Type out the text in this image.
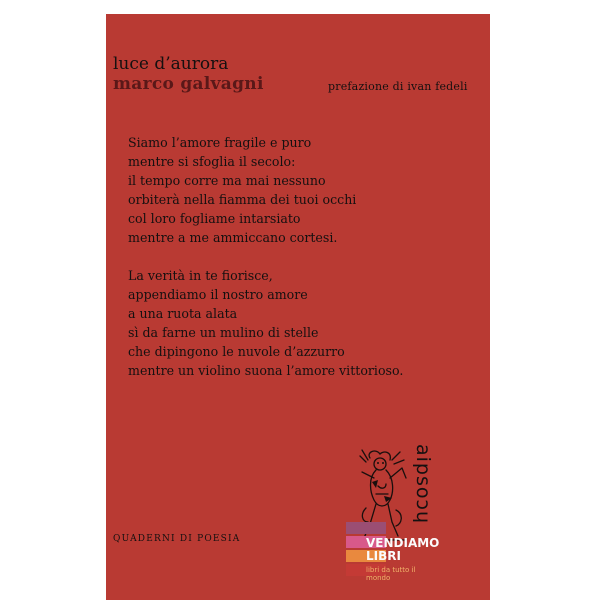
luce d’aurora
marco galvagni	prefazione di ivan fedeli
Siamo l’amore fragile e puro
mentre si sfoglia il secolo:
il tempo corre ma mai nessuno
orbiterà nella fiamma dei tuoi occhi
col loro fogliame intarsiato
mentre a me ammiccano cortesi.
La verità in te fiorisce,
appendiamo il nostro amore
a una ruota alata
sì da farne un mulino di stelle
che dipingono le nuvole d’azzurro
mentre un violino suona l’amore vittorioso.
QUADERNI DI POESIA
aipsoɔɥ
VENDIAMO
LIBRI
libri da tutto il mondo
